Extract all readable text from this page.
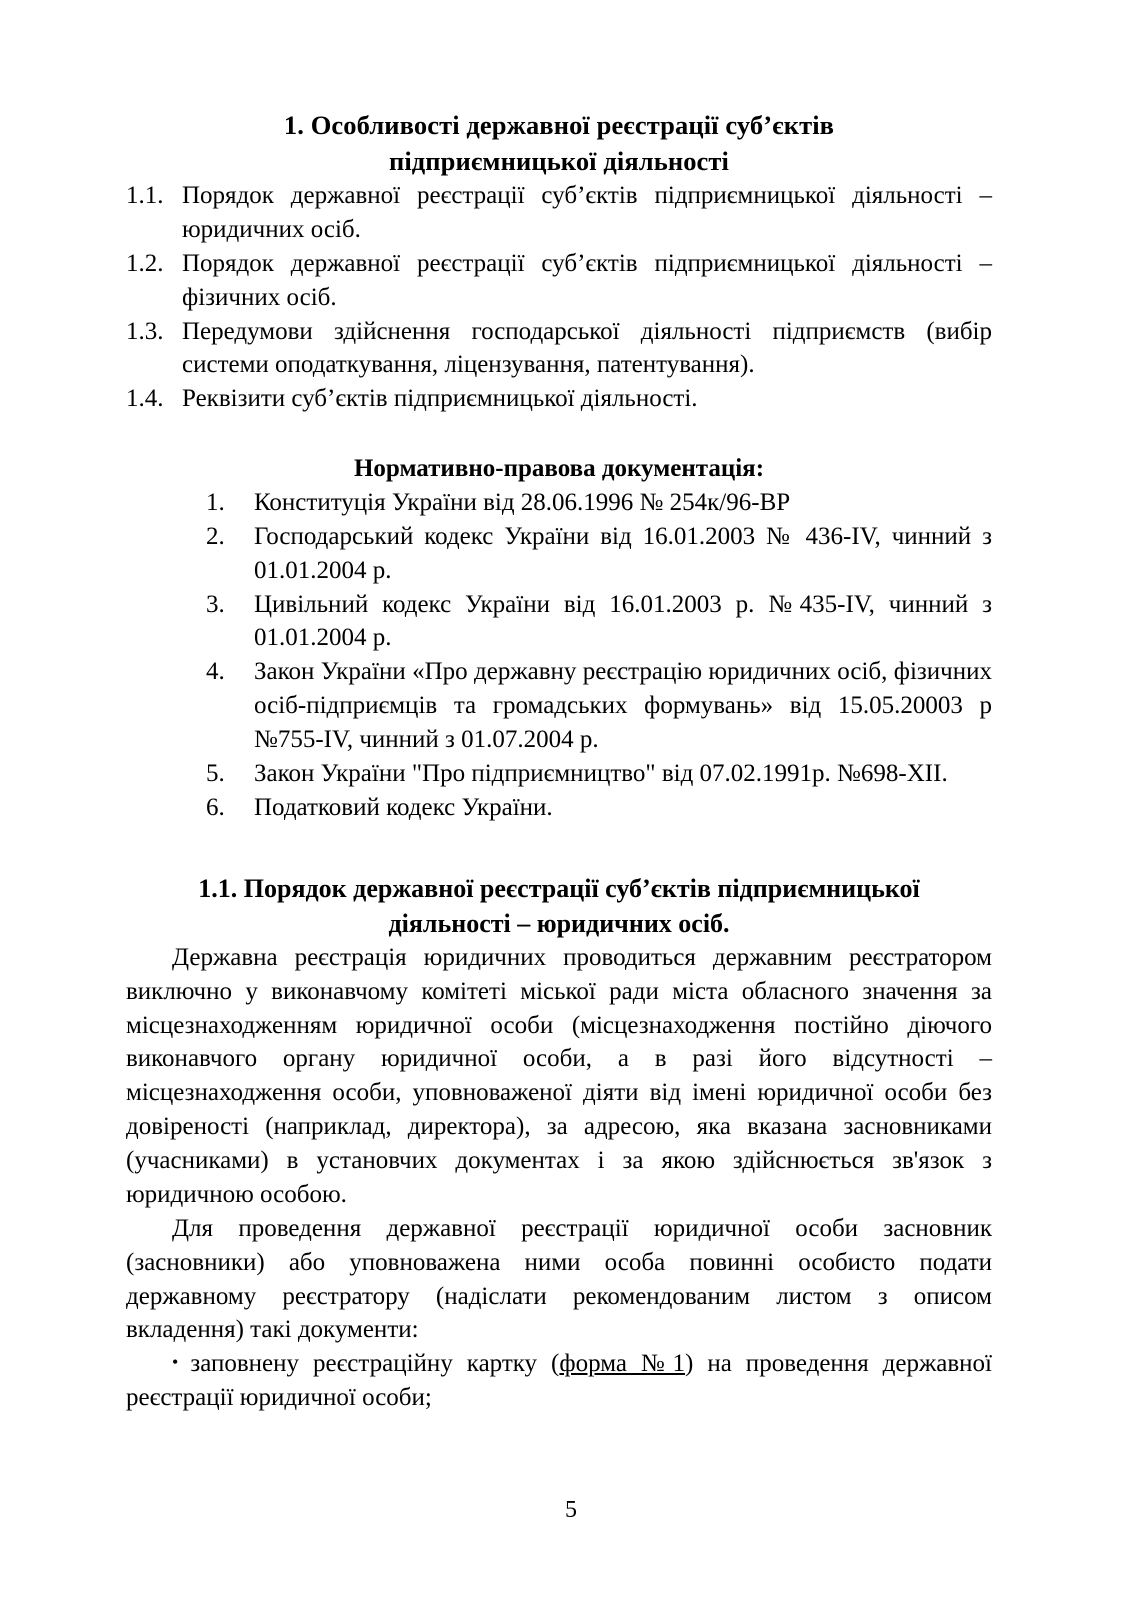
1. Особливості державної реєстрації суб’єктів
підприємницької діяльності

1.1. Порядок державної реєстрації суб’єктів підприємницької діяльності – юридичних осіб.

1.2. Порядок державної реєстрації суб’єктів підприємницької діяльності – фізичних осіб.

1.3. Передумови здійснення господарської діяльності підприємств (вибір системи оподаткування, ліцензування, патентування).

1.4. Реквізити суб’єктів підприємницької діяльності.

Нормативно-правова документація:
1. Конституція України від 28.06.1996 № 254к/96-ВР
2. Господарський кодекс України від 16.01.2003 № 436-IV, чинний з 01.01.2004 р.
3. Цивільний кодекс України від 16.01.2003 р. №435-IV, чинний з 01.01.2004 р.
4. Закон України «Про державну реєстрацію юридичних осіб, фізичних осіб-підприємців та громадських формувань» від 15.05.20003 р №755-IV, чинний з 01.07.2004 р.
5. Закон України "Про підприємництво" від 07.02.1991р. №698-XII.
6. Податковий кодекс України.
1.1. Порядок державної реєстрації суб’єктів підприємницької
діяльності – юридичних осіб.

Державна реєстрація юридичних проводиться державним реєстратором виключно у виконавчому комітеті міської ради міста обласного значення за місцезнаходженням юридичної особи (місцезнаходження постійно діючого виконавчого органу юридичної особи, а в разі його відсутності – місцезнаходження особи, уповноваженої діяти від імені юридичної особи без довіреності (наприклад, директора), за адресою, яка вказана засновниками (учасниками) в установчих документах і за якою здійснюється зв'язок з юридичною особою.

Для проведення державної реєстрації юридичної особи засновник (засновники) або уповноважена ними особа повинні особисто подати державному реєстратору (надіслати рекомендованим листом з описом вкладення) такі документи:

• заповнену реєстраційну картку (форма №1) на проведення державної реєстрації юридичної особи;

5
